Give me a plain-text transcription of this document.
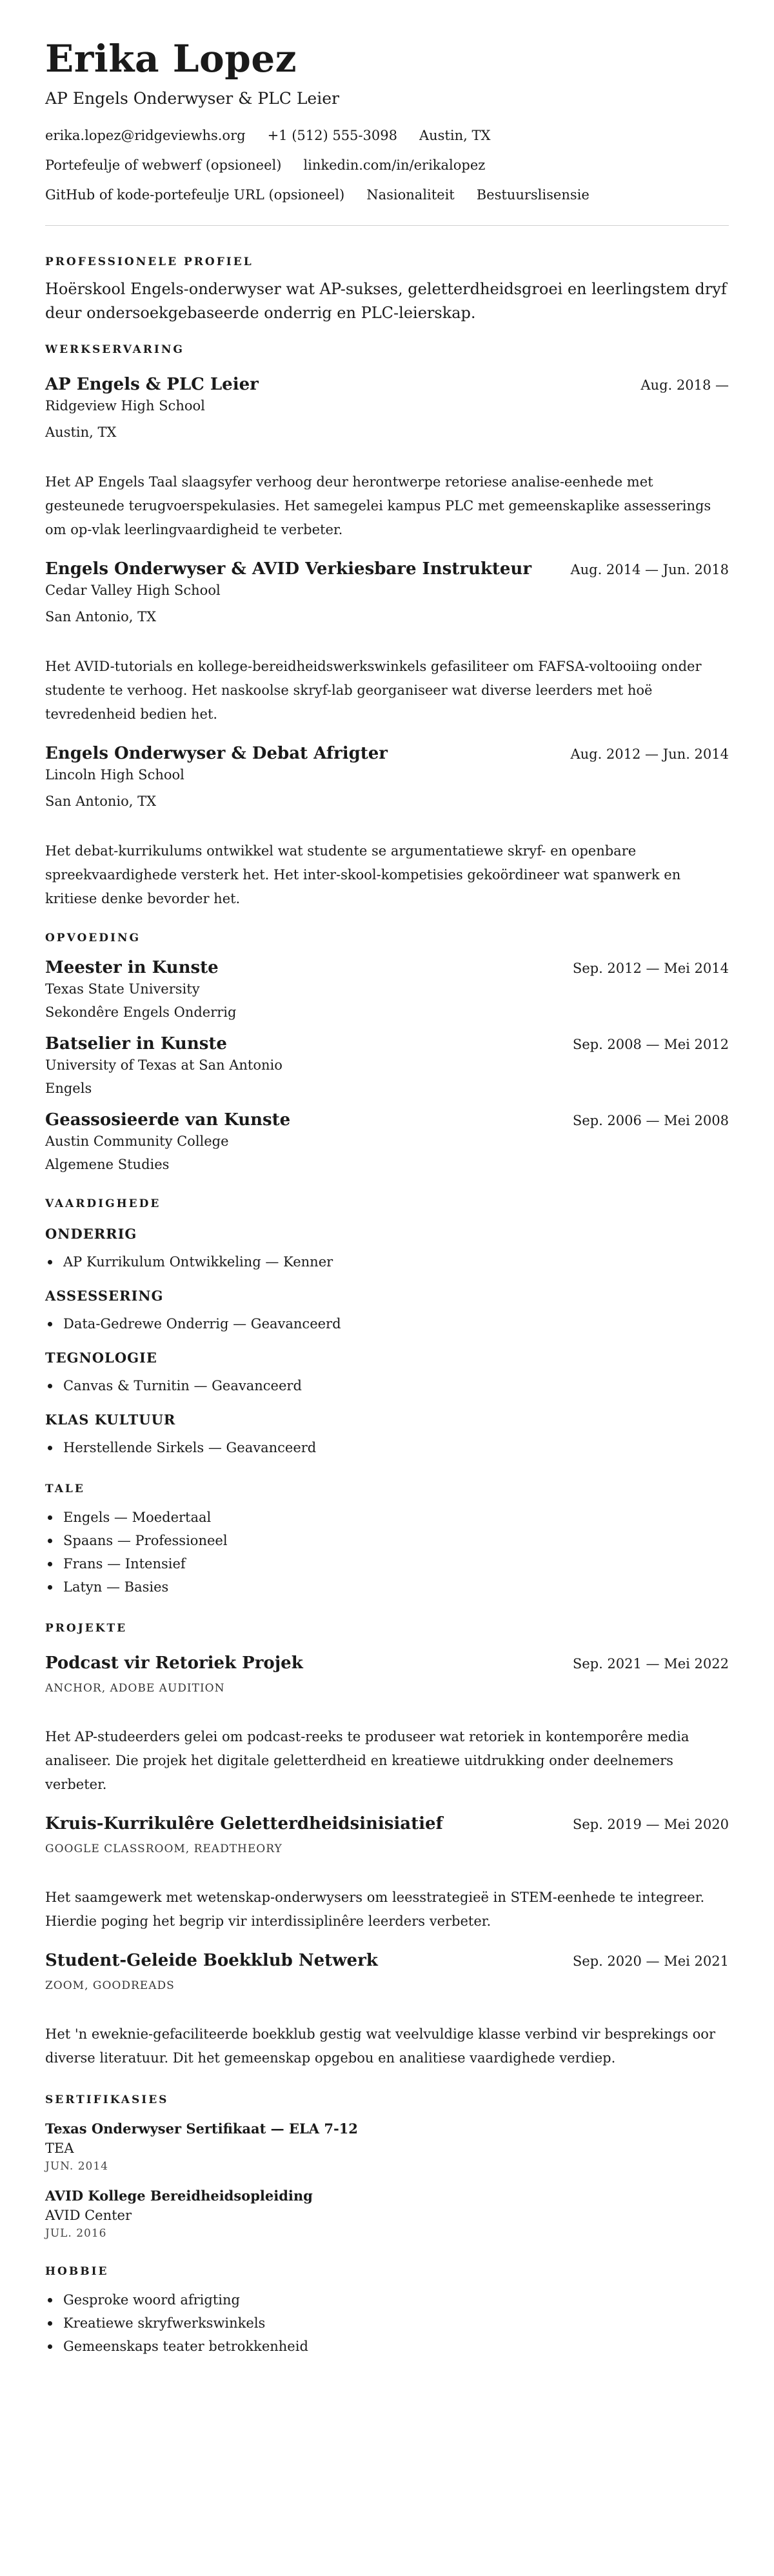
Erika Lopez
AP Engels Onderwyser & PLC Leier
erika.lopez@ridgeviewhs.org +1 (512) 555-3098 Austin, TX
Portefeulje of webwerf (opsioneel) linkedin.com/in/erikalopez
GitHub of kode-portefeulje URL (opsioneel) Nasionaliteit Bestuurslisensie
PROFESSIONELE PROFIEL
Hoërskool Engels-onderwyser wat AP-sukses, geletterdheidsgroei en leerlingstem dryf deur ondersoekgebaseerde onderrig en PLC-leierskap.
WERKSERVARING
AP Engels & PLC Leier	Aug. 2018 —
Ridgeview High School
Austin, TX
Het AP Engels Taal slaagsyfer verhoog deur herontwerpe retoriese analise-eenhede met gesteunede terugvoerspekulasies. Het samegelei kampus PLC met gemeenskaplike assesserings om op-vlak leerlingvaardigheid te verbeter.
Engels Onderwyser & AVID Verkiesbare Instrukteur	Aug. 2014 — Jun. 2018
Cedar Valley High School
San Antonio, TX
Het AVID-tutorials en kollege-bereidheidswerkswinkels gefasiliteer om FAFSA-voltooiing onder studente te verhoog. Het naskoolse skryf-lab georganiseer wat diverse leerders met hoë tevredenheid bedien het.
Engels Onderwyser & Debat Afrigter	Aug. 2012 — Jun. 2014
Lincoln High School
San Antonio, TX
Het debat-kurrikulums ontwikkel wat studente se argumentatiewe skryf- en openbare spreekvaardighede versterk het. Het inter-skool-kompetisies gekoördineer wat spanwerk en kritiese denke bevorder het.
OPVOEDING
Meester in Kunste	Sep. 2012 — Mei 2014
Texas State University
Sekondêre Engels Onderrig
Batselier in Kunste	Sep. 2008 — Mei 2012
University of Texas at San Antonio
Engels
Geassosieerde van Kunste	Sep. 2006 — Mei 2008
Austin Community College
Algemene Studies
VAARDIGHEDE
ONDERRIG
AP Kurrikulum Ontwikkeling — Kenner
ASSESSERING
Data-Gedrewe Onderrig — Geavanceerd
TEGNOLOGIE
Canvas & Turnitin — Geavanceerd
KLAS KULTUUR
Herstellende Sirkels — Geavanceerd
TALE
Engels — Moedertaal
Spaans — Professioneel
Frans — Intensief
Latyn — Basies
PROJEKTE
Podcast vir Retoriek Projek	Sep. 2021 — Mei 2022
ANCHOR, ADOBE AUDITION
Het AP-studeerders gelei om podcast-reeks te produseer wat retoriek in kontemporêre media analiseer. Die projek het digitale geletterdheid en kreatiewe uitdrukking onder deelnemers verbeter.
Kruis-Kurrikulêre Geletterdheidsinisiatief	Sep. 2019 — Mei 2020
GOOGLE CLASSROOM, READTHEORY
Het saamgewerk met wetenskap-onderwysers om leesstrategieë in STEM-eenhede te integreer. Hierdie poging het begrip vir interdissiplinêre leerders verbeter.
Student-Geleide Boekklub Netwerk	Sep. 2020 — Mei 2021
ZOOM, GOODREADS
Het 'n eweknie-gefaciliteerde boekklub gestig wat veelvuldige klasse verbind vir besprekings oor diverse literatuur. Dit het gemeenskap opgebou en analitiese vaardighede verdiep.
SERTIFIKASIES
Texas Onderwyser Sertifikaat — ELA 7-12
TEA
JUN. 2014
AVID Kollege Bereidheidsopleiding
AVID Center
JUL. 2016
HOBBIE
Gesproke woord afrigting
Kreatiewe skryfwerkswinkels
Gemeenskaps teater betrokkenheid
